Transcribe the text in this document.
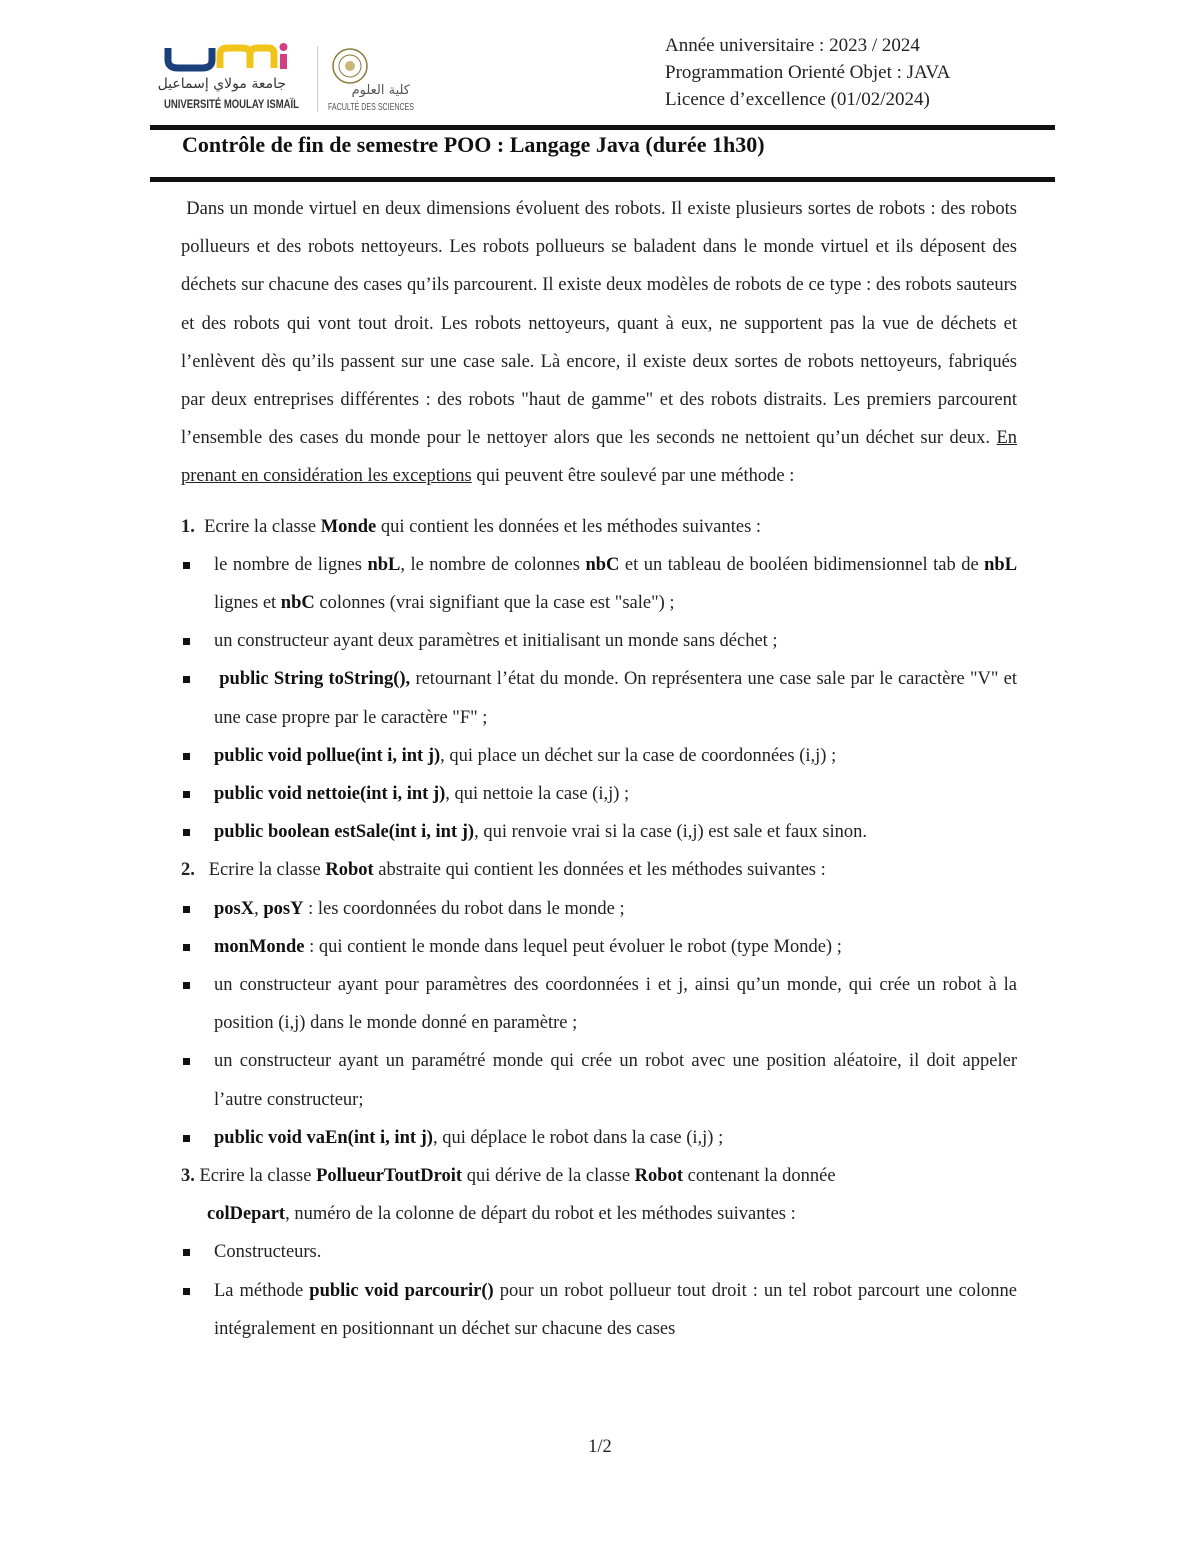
جامعة مولاي إسماعيل
UNIVERSITÉ MOULAY ISMAÏL
كلية العلوم
FACULTÉ DES SCIENCES
Année universitaire : 2023 / 2024
Programmation Orienté Objet : JAVA
Licence d’excellence (01/02/2024)
Contrôle de fin de semestre POO : Langage Java (durée 1h30)

Dans un monde virtuel en deux dimensions évoluent des robots. Il existe plusieurs sortes de robots : des robots pollueurs et des robots nettoyeurs. Les robots pollueurs se baladent dans le monde virtuel et ils déposent des déchets sur chacune des cases qu’ils parcourent. Il existe deux modèles de robots de ce type : des robots sauteurs et des robots qui vont tout droit. Les robots nettoyeurs, quant à eux, ne supportent pas la vue de déchets et l’enlèvent dès qu’ils passent sur une case sale. Là encore, il existe deux sortes de robots nettoyeurs, fabriqués par deux entreprises différentes : des robots "haut de gamme" et des robots distraits. Les premiers parcourent l’ensemble des cases du monde pour le nettoyer alors que les seconds ne nettoient qu’un déchet sur deux. En prenant en considération les exceptions qui peuvent être soulevé par une méthode :

1. Ecrire la classe Monde qui contient les données et les méthodes suivantes :
le nombre de lignes nbL, le nombre de colonnes nbC et un tableau de booléen bidimensionnel tab de nbL lignes et nbC colonnes (vrai signifiant que la case est "sale") ;
un constructeur ayant deux paramètres et initialisant un monde sans déchet ;
public String toString(), retournant l’état du monde. On représentera une case sale par le caractère "V" et une case propre par le caractère "F" ;
public void pollue(int i, int j), qui place un déchet sur la case de coordonnées (i,j) ;
public void nettoie(int i, int j), qui nettoie la case (i,j) ;
public boolean estSale(int i, int j), qui renvoie vrai si la case (i,j) est sale et faux sinon.
2. Ecrire la classe Robot abstraite qui contient les données et les méthodes suivantes :
posX, posY : les coordonnées du robot dans le monde ;
monMonde : qui contient le monde dans lequel peut évoluer le robot (type Monde) ;
un constructeur ayant pour paramètres des coordonnées i et j, ainsi qu’un monde, qui crée un robot à la position (i,j) dans le monde donné en paramètre ;
un constructeur ayant un paramétré monde qui crée un robot avec une position aléatoire, il doit appeler l’autre constructeur;
public void vaEn(int i, int j), qui déplace le robot dans la case (i,j) ;
3. Ecrire la classe PollueurToutDroit qui dérive de la classe Robot contenant la donnée
colDepart, numéro de la colonne de départ du robot et les méthodes suivantes :
Constructeurs.
La méthode public void parcourir() pour un robot pollueur tout droit : un tel robot parcourt une colonne intégralement en positionnant un déchet sur chacune des cases
1/2
